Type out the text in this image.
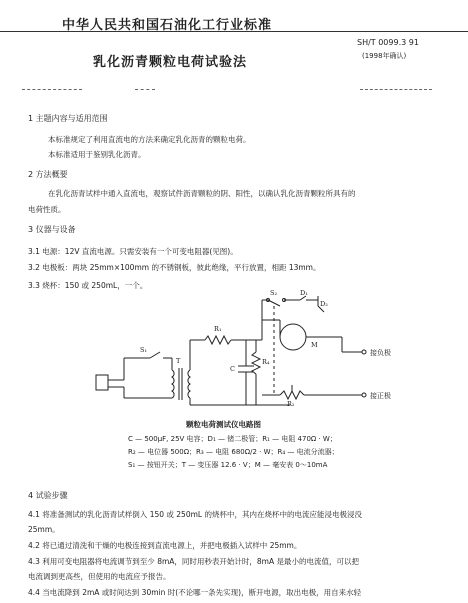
中华人民共和国石油化工行业标准
SH/T 0099.3 91
乳化沥青颗粒电荷试验法	(1998年确认)
1 主题内容与适用范围
本标准规定了利用直流电的方法来确定乳化沥青的颗粒电荷。
本标准适用于鉴别乳化沥青。
2 方法概要
在乳化沥青试样中通入直流电，观察试件沥青颗粒的阴、阳性，以确认乳化沥青颗粒所具有的
电荷性质。
3 仪器与设备
3.1 电源：12V 直流电源。只需安装有一个可变电阻器(见图)。
3.2 电极板：两块 25mm×100mm 的不锈钢板，彼此绝缘，平行放置，相距 13mm。
3.3 烧杯：150 或 250mL，一个。
S₂	D₁
D₂
M
R₁
R₄
R₂
C
S₁
T
接负极
接正极
颗粒电荷测试仪电路图
C — 500μF, 25V 电容；D₁ — 锗二极管；R₁ — 电阻 470Ω · W；
R₂ — 电位器 500Ω；R₃ — 电阻 680Ω/2 · W；R₄ — 电流分流器；
S₁ — 按钮开关；T — 变压器 12.6 · V；M — 毫安表 0～10mA
4 试验步骤
4.1 将准备测试的乳化沥青试样倒入 150 或 250mL 的烧杯中，其内在烧杯中的电流应能浸电极浸没
25mm。
4.2 将已通过清洗和干燥的电极连接到直流电源上，并把电极插入试样中 25mm。
4.3 利用可变电阻器将电流调节到至少 8mA，同时用秒表开始计时，8mA 是最小的电流值，可以把
电流调到更高些，但使用的电流应予报告。
4.4 当电流降到 2mA 或时间达到 30min 时(不论哪一条先实现)，断开电源，取出电极，用自来水轻
